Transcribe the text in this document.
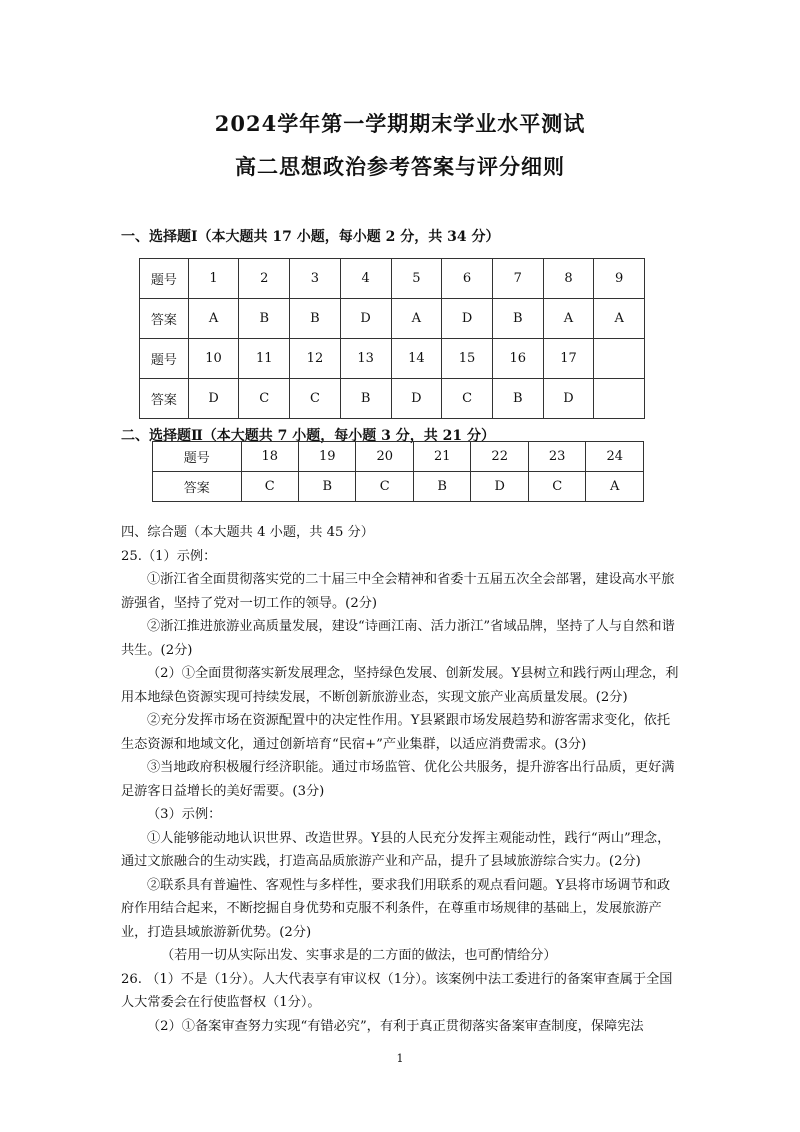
2024学年第一学期期末学业水平测试
高二思想政治参考答案与评分细则
一、选择题Ⅰ（本大题共 17 小题，每小题 2 分，共 34 分）
题号	1	2	3	4	5	6	7	8	9
答案	A	B	B	D	A	D	B	A	A
题号	10	11	12	13	14	15	16	17	
答案	D	C	C	B	D	C	B	D	
二、选择题Ⅱ（本大题共 7 小题，每小题 3 分，共 21 分）
题号	18	19	20	21	22	23	24
答案	C	B	C	B	D	C	A

四、综合题（本大题共 4 小题，共 45 分）

25.（1）示例：

①浙江省全面贯彻落实党的二十届三中全会精神和省委十五届五次全会部署，建设高水平旅游强省，坚持了党对一切工作的领导。(2分)

②浙江推进旅游业高质量发展，建设“诗画江南、活力浙江”省域品牌，坚持了人与自然和谐共生。(2分)

（2）①全面贯彻落实新发展理念，坚持绿色发展、创新发展。Y县树立和践行两山理念，利用本地绿色资源实现可持续发展，不断创新旅游业态，实现文旅产业高质量发展。(2分)

②充分发挥市场在资源配置中的决定性作用。Y县紧跟市场发展趋势和游客需求变化，依托生态资源和地域文化，通过创新培育“民宿+”产业集群，以适应消费需求。(3分)

③当地政府积极履行经济职能。通过市场监管、优化公共服务，提升游客出行品质，更好满足游客日益增长的美好需要。(3分)

（3）示例：

①人能够能动地认识世界、改造世界。Y县的人民充分发挥主观能动性，践行“两山”理念，通过文旅融合的生动实践，打造高品质旅游产业和产品，提升了县域旅游综合实力。(2分)

②联系具有普遍性、客观性与多样性，要求我们用联系的观点看问题。Y县将市场调节和政府作用结合起来，不断挖掘自身优势和克服不利条件，在尊重市场规律的基础上，发展旅游产业，打造县域旅游新优势。(2分)

（若用一切从实际出发、实事求是的二方面的做法，也可酌情给分）

26. （1）不是（1分）。人大代表享有审议权（1分）。该案例中法工委进行的备案审查属于全国人大常委会在行使监督权（1分）。

（2）①备案审查努力实现“有错必究”，有利于真正贯彻落实备案审查制度，保障宪法

1
